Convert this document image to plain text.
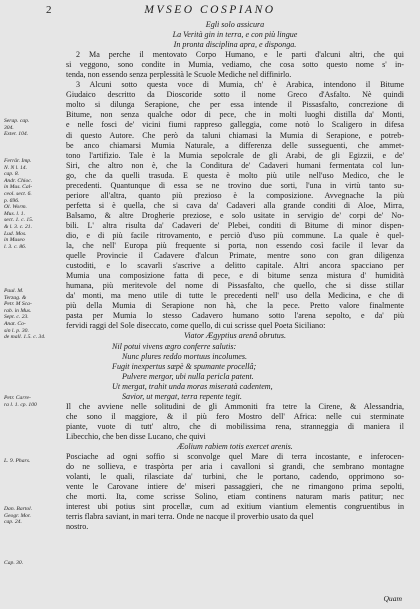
2	MVSEO COSPIANO
Serap. cap.
304.
Exter. 104.
Ferrār. Imp.
N. N l. 14.
cap. 8.
Andr. Chioc.
in Mus. Cal-
ceol. sect. 6.
p. 696.
Ol. Worm.
Mus. l. 1.
sect. 1. c. 15.
& l. 3. c. 21.
Lud. Mos.
in Museo
l. 3. c. 86.
Paul. M.
Terzag. &
Petr. M Sca-
rab. in Mus.
Sept. c. 23.
Anat. Co-
sin l. p. 30.
de mall. 1.5. c. 34.
Petr. Carre-
ra l. 1. cp. 100
L. 9. Phars.
Dan. Bartol.
Geogr. Mor.
cap. 24.
Cap. 30.
Egli solo assicura
La Verità gin in terra, e con più lingue
In pronta disciplina apra, e disponga.
2 Ma perche il mentovato Corpo Humano, e le parti d'alcuni altri, che qui
si veggono, sono condite in Mumia, vediamo, che cosa sotto questo nome s' in-
tenda, non essendo senza perplessità le Scuole Mediche nel diffinirlo.
3 Alcuni sotto questa voce di Mumia, ch' è Arabica, intendono il Bitume
Giudaico descritto da Dioscoride sotto il nome Greco d'Asfalto. Nè quindi
molto si dilunga Serapione, che per essa intende il Pissasfalto, concrezione di
Bitume, non senza qualche odor di pece, che in molti luoghi distilla da' Monti,
e nelle fosci de' vicini fiumi rappreso galleggia, come notò lo Scaligero in difesa
di questo Autore. Che però da taluni chiamasi la Mumia di Serapione, e potreb-
be anco chiamarsi Mumia Naturale, a differenza delle susseguenti, che ammet-
tono l'artifizio. Tale è la Mumia sepolcrale de gli Arabi, de gli Egizzii, e de'
Siri, che altro non è, che la Conditura de' Cadaveri humani fermentata col lun-
go, che da quelli trasuda. E questa è molto più utile nell'uso Medico, che le
precedenti. Quantunque di essa se ne trovino due sorti, l'una in virtù tanto su-
periore all'altra, quanto più prezioso è la composizione. Avvegnache la più
perfetta si è quella, che si cava da' Cadaveri alla grande conditi di Aloe, Mirra,
Balsamo, & altre Drogherie preziose, e solo usitate in servigio de' corpi de' No-
bili. L' altra risulta da' Cadaveri de' Plebei, conditi di Bitume di minor dispen-
dio, e di più facile ritrovamento, e perciò d'uso più commune. La quale è quel-
la, che nell' Europa più frequente si porta, non essendo così facile il levar da
quelle Provincie il Cadavere d'alcun Primate, mentre sono con gran diligenza
custoditi, e lo scavarli s'ascrive a delitto capitale. Altri ancora spacciano per
Mumia una composizione fatta di pece, e di bitume senza mistura d' humidità
humana, più meritevole del nome di Pissasfalto, che quello, che si disse stillar
da' monti, ma meno utile di tutte le precedenti nell' uso della Medicina, e che di
più della Mumia di Serapione non hà, che la pece. Pretto valore finalmente
pasta per Mumia lo stesso Cadavero humano sotto l'arena sepolto, e da' più
fervidi raggi del Sole diseccato, come quello, di cui scrisse quel Poeta Siciliano:
Viator Ægyptius arenâ obrutus.
Nil potui vivens ægro conferre salutis:
Nunc plures reddo mortuus incolumes.
Fugit inexpertus sæpè & spumante procellâ;
Pulvere mergor, ubi nulla pericla patent.
Ut mergat, trahit unda moras miseratà cadentem,
Savior, ut mergat, terra repente tegit.
Il che avviene nelle solitudini de gli Ammoniti fra tetre la Cirene, & Alessandria,
che sono il maggiore, & il più fero Mostro dell' Africa: nelle cui sterminate
piante, vuote di tutt' altro, che di mobilissima rena, stranneggia di maniera il
Libecchio, che ben disse Lucano, che quivi
Æolium rabiem totis exercet arenis.
Posciache ad ogni soffio si sconvolge quel Mare di terra incostante, e inferocen-
do ne sollieva, e traspòrta per aria i cavalloni sì grandi, che sembrano montagne
volanti, le quali, rilasciate da' turbini, che le portano, cadendo, opprimono so-
vente le Carovane intiere de' miseri passaggieri, che ne rimangono prima sepolti,
che morti. Ita, come scrisse Solino, etiam continens naturam maris patitur; nec
interest ubi potius sint procellæ, cum ad exitium viantium elementis congruentibus in
terris flabra saviant, in mari terra. Onde ne nacque il proverbio usato da quel
nostro.
Quam
